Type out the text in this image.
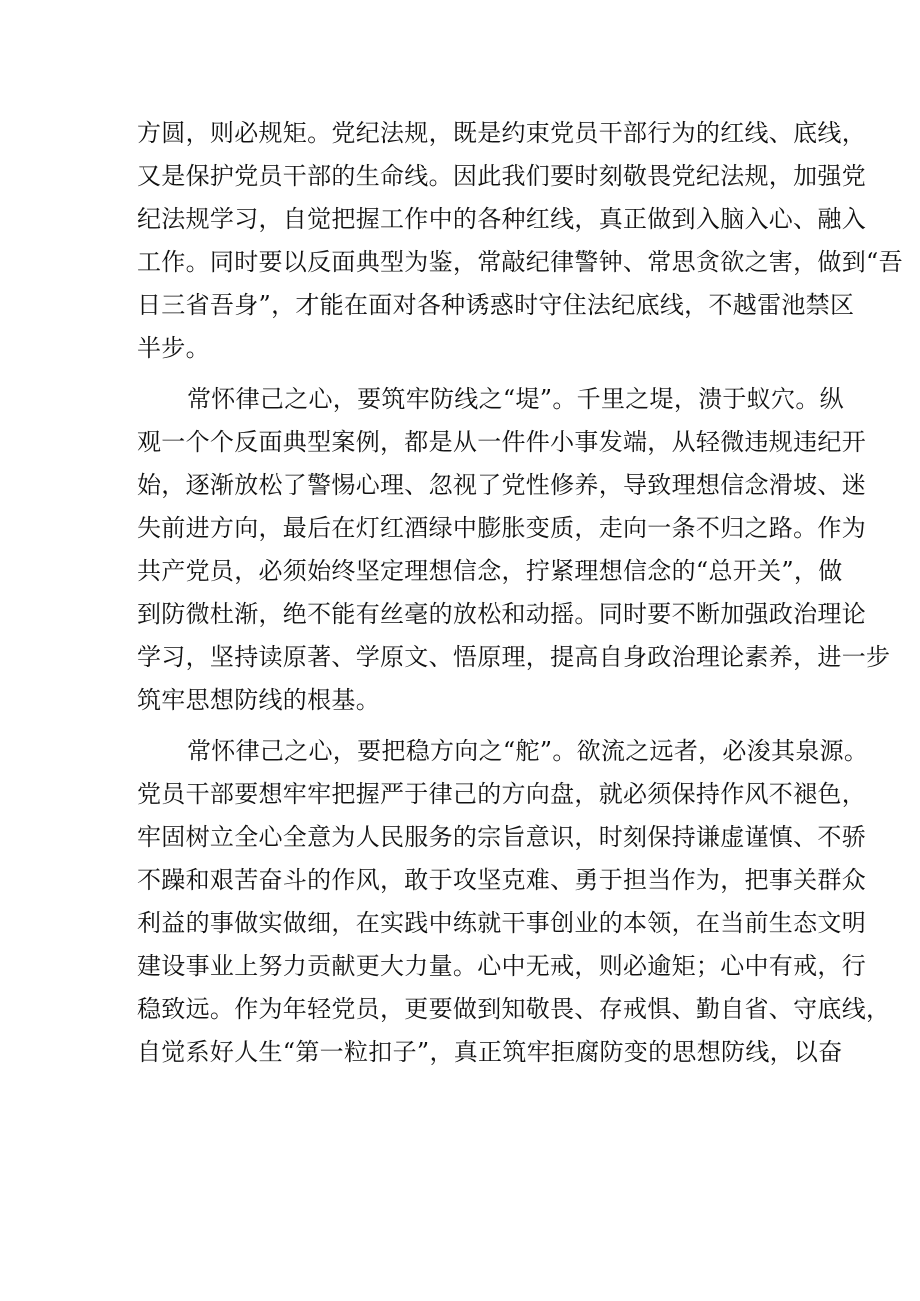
方圆，则必规矩。党纪法规，既是约束党员干部行为的红线、底线，
又是保护党员干部的生命线。因此我们要时刻敬畏党纪法规，加强党
纪法规学习，自觉把握工作中的各种红线，真正做到入脑入心、融入
工作。同时要以反面典型为鉴，常敲纪律警钟、常思贪欲之害，做到“吾
日三省吾身”，才能在面对各种诱惑时守住法纪底线，不越雷池禁区
半步。
常怀律己之心，要筑牢防线之“堤”。千里之堤，溃于蚁穴。纵
观一个个反面典型案例，都是从一件件小事发端，从轻微违规违纪开
始，逐渐放松了警惕心理、忽视了党性修养，导致理想信念滑坡、迷
失前进方向，最后在灯红酒绿中膨胀变质，走向一条不归之路。作为
共产党员，必须始终坚定理想信念，拧紧理想信念的“总开关”，做
到防微杜渐，绝不能有丝毫的放松和动摇。同时要不断加强政治理论
学习，坚持读原著、学原文、悟原理，提高自身政治理论素养，进一步
筑牢思想防线的根基。
常怀律己之心，要把稳方向之“舵”。欲流之远者，必浚其泉源。
党员干部要想牢牢把握严于律己的方向盘，就必须保持作风不褪色，
牢固树立全心全意为人民服务的宗旨意识，时刻保持谦虚谨慎、不骄
不躁和艰苦奋斗的作风，敢于攻坚克难、勇于担当作为，把事关群众
利益的事做实做细，在实践中练就干事创业的本领，在当前生态文明
建设事业上努力贡献更大力量。心中无戒，则必逾矩；心中有戒，行
稳致远。作为年轻党员，更要做到知敬畏、存戒惧、勤自省、守底线，
自觉系好人生“第一粒扣子”，真正筑牢拒腐防变的思想防线，以奋
